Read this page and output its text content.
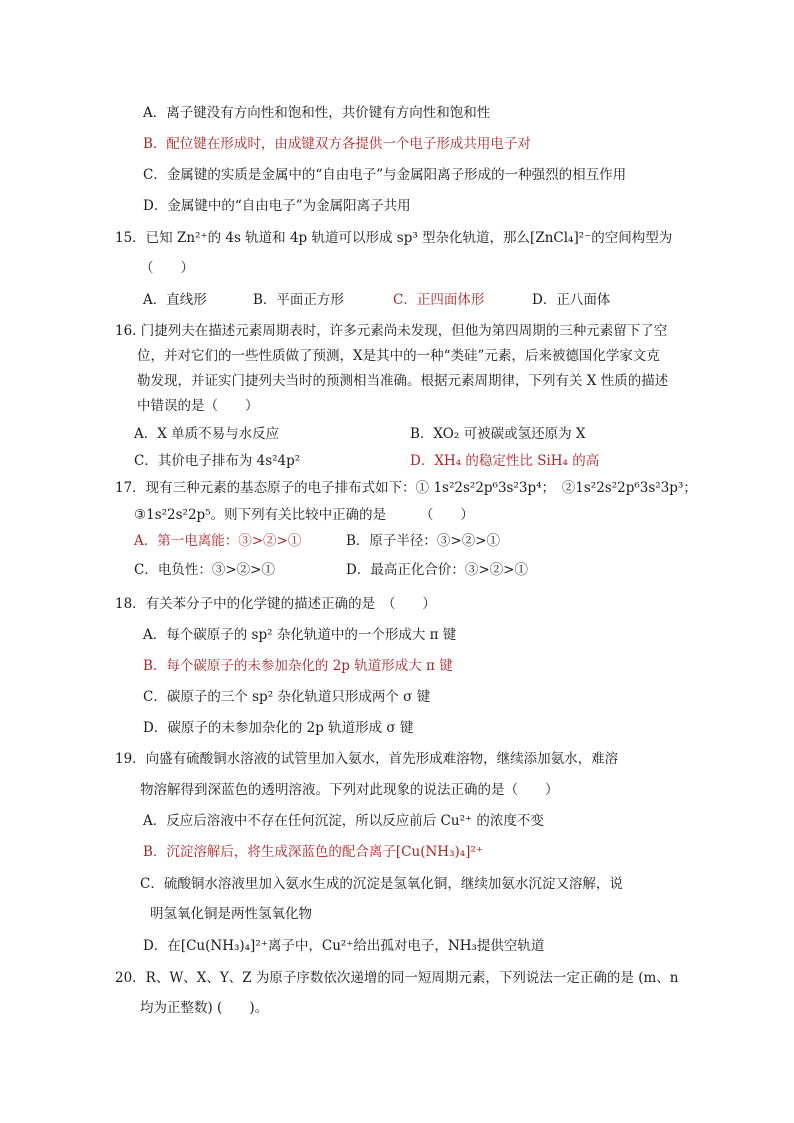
A．离子键没有方向性和饱和性，共价键有方向性和饱和性
B．配位键在形成时，由成键双方各提供一个电子形成共用电子对
C．金属键的实质是金属中的“自由电子”与金属阳离子形成的一种强烈的相互作用
D．金属键中的“自由电子”为金属阳离子共用
15．已知 Zn²⁺的 4s 轨道和 4p 轨道可以形成 sp³ 型杂化轨道，那么[ZnCl₄]²⁻的空间构型为
（　　）
A．直线形	B．平面正方形	C．正四面体形	D．正八面体
16. 门捷列夫在描述元素周期表时，许多元素尚未发现，但他为第四周期的三种元素留下了空
位，并对它们的一些性质做了预测，X是其中的一种“类硅”元素，后来被德国化学家文克
勒发现，并证实门捷列夫当时的预测相当准确。根据元素周期律，下列有关 X 性质的描述
中错误的是（　　）
A．X 单质不易与水反应	B．XO₂ 可被碳或氢还原为 X
C．其价电子排布为 4s²4p²	D．XH₄ 的稳定性比 SiH₄ 的高
17．现有三种元素的基态原子的电子排布式如下：① 1s²2s²2p⁶3s²3p⁴；　②1s²2s²2p⁶3s²3p³；
③1s²2s²2p⁵。则下列有关比较中正确的是　　　（　　）
A．第一电离能：③>②>①	B．原子半径：③>②>①
C．电负性：③>②>①	D．最高正化合价：③>②>①
18．有关苯分子中的化学键的描述正确的是　（　　）
A．每个碳原子的 sp² 杂化轨道中的一个形成大 π 键
B．每个碳原子的未参加杂化的 2p 轨道形成大 π 键
C．碳原子的三个 sp² 杂化轨道只形成两个 σ 键
D．碳原子的未参加杂化的 2p 轨道形成 σ 键
19．向盛有硫酸铜水溶液的试管里加入氨水，首先形成难溶物，继续添加氨水，难溶
物溶解得到深蓝色的透明溶液。下列对此现象的说法正确的是（　　）
A．反应后溶液中不存在任何沉淀，所以反应前后 Cu²⁺ 的浓度不变
B．沉淀溶解后，将生成深蓝色的配合离子[Cu(NH₃)₄]²⁺
C．硫酸铜水溶液里加入氨水生成的沉淀是氢氧化铜，继续加氨水沉淀又溶解，说
明氢氧化铜是两性氢氧化物
D．在[Cu(NH₃)₄]²⁺离子中，Cu²⁺给出孤对电子，NH₃提供空轨道
20．R、W、X、Y、Z 为原子序数依次递增的同一短周期元素，下列说法一定正确的是 (m、n
均为正整数) (　　)。
